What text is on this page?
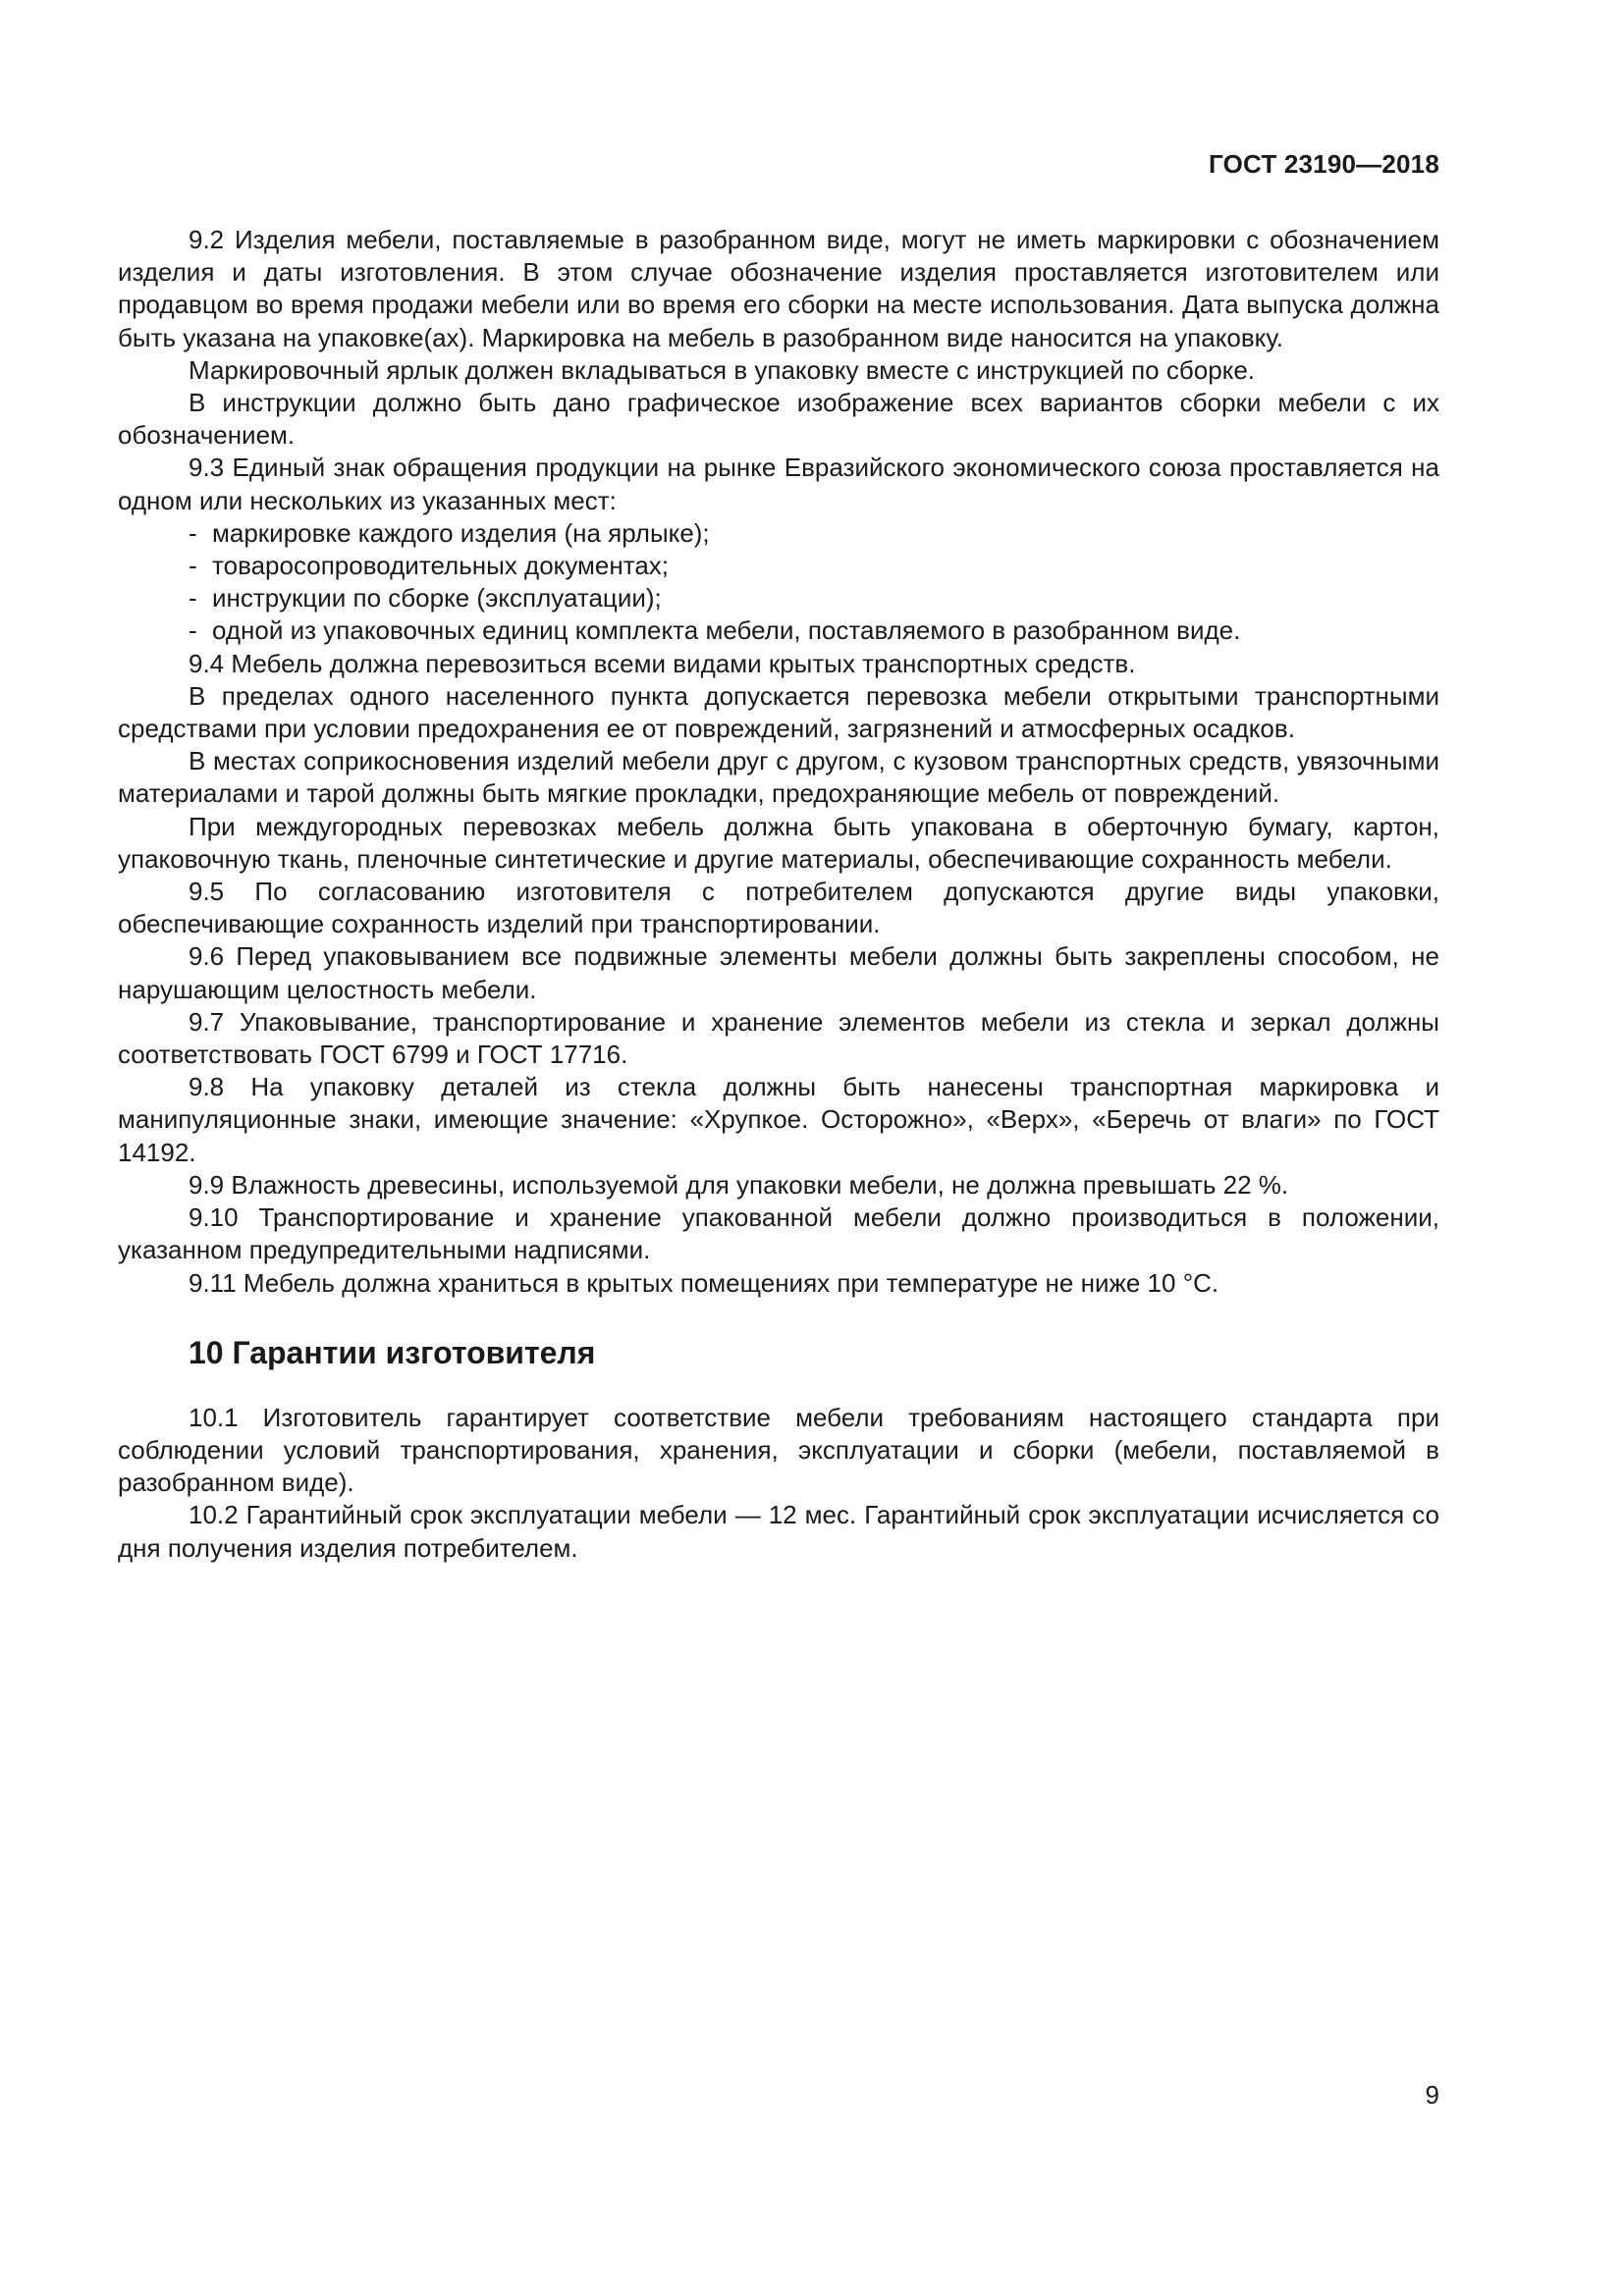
ГОСТ 23190—2018

9.2 Изделия мебели, поставляемые в разобранном виде, могут не иметь маркировки с обозначением изделия и даты изготовления. В этом случае обозначение изделия проставляется изготовителем или продавцом во время продажи мебели или во время его сборки на месте использования. Дата выпуска должна быть указана на упаковке(ах). Маркировка на мебель в разобранном виде наносится на упаковку.

Маркировочный ярлык должен вкладываться в упаковку вместе с инструкцией по сборке.

В инструкции должно быть дано графическое изображение всех вариантов сборки мебели с их обозначением.

9.3 Единый знак обращения продукции на рынке Евразийского экономического союза проставляется на одном или нескольких из указанных мест:

- маркировке каждого изделия (на ярлыке);

- товаросопроводительных документах;

- инструкции по сборке (эксплуатации);

- одной из упаковочных единиц комплекта мебели, поставляемого в разобранном виде.

9.4 Мебель должна перевозиться всеми видами крытых транспортных средств.

В пределах одного населенного пункта допускается перевозка мебели открытыми транспортными средствами при условии предохранения ее от повреждений, загрязнений и атмосферных осадков.

В местах соприкосновения изделий мебели друг с другом, с кузовом транспортных средств, увязочными материалами и тарой должны быть мягкие прокладки, предохраняющие мебель от повреждений.

При междугородных перевозках мебель должна быть упакована в оберточную бумагу, картон, упаковочную ткань, пленочные синтетические и другие материалы, обеспечивающие сохранность мебели.

9.5 По согласованию изготовителя с потребителем допускаются другие виды упаковки, обеспечивающие сохранность изделий при транспортировании.

9.6 Перед упаковыванием все подвижные элементы мебели должны быть закреплены способом, не нарушающим целостность мебели.

9.7 Упаковывание, транспортирование и хранение элементов мебели из стекла и зеркал должны соответствовать ГОСТ 6799 и ГОСТ 17716.

9.8 На упаковку деталей из стекла должны быть нанесены транспортная маркировка и манипуляционные знаки, имеющие значение: «Хрупкое. Осторожно», «Верх», «Беречь от влаги» по ГОСТ 14192.

9.9 Влажность древесины, используемой для упаковки мебели, не должна превышать 22 %.

9.10 Транспортирование и хранение упакованной мебели должно производиться в положении, указанном предупредительными надписями.

9.11 Мебель должна храниться в крытых помещениях при температуре не ниже 10 °С.

10 Гарантии изготовителя

10.1 Изготовитель гарантирует соответствие мебели требованиям настоящего стандарта при соблюдении условий транспортирования, хранения, эксплуатации и сборки (мебели, поставляемой в разобранном виде).

10.2 Гарантийный срок эксплуатации мебели — 12 мес. Гарантийный срок эксплуатации исчисляется со дня получения изделия потребителем.

9
